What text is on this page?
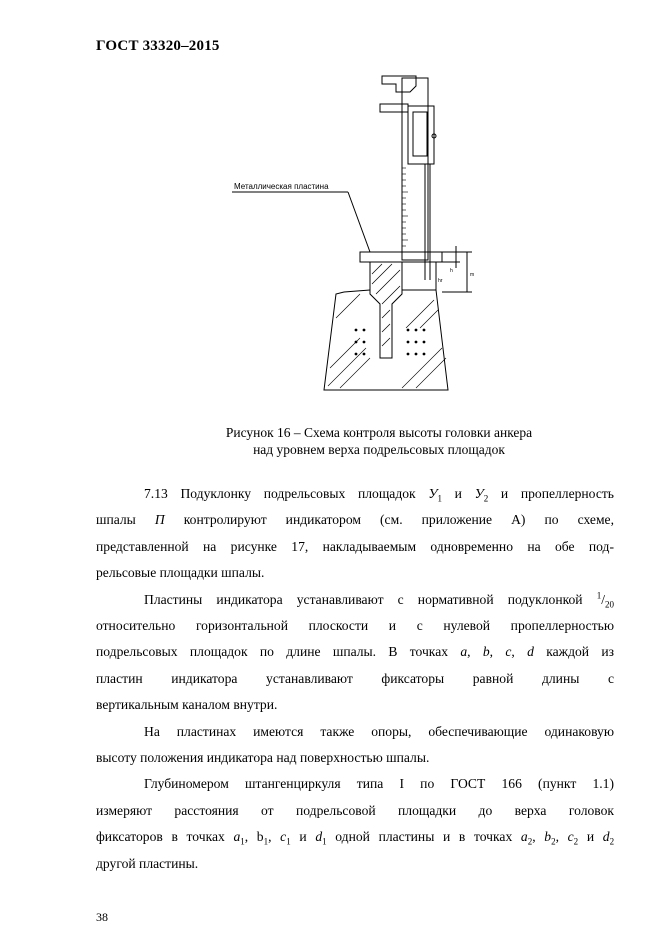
ГОСТ 33320–2015
Металлическая пластина
h
hг
m
Рисунок 16 – Схема контроля высоты головки анкера
над уровнем верха подрельсовых площадок

7.13 Подуклонку подрельсовых площадок $У_1$ и $У_2$ и пропеллерность

шпалы П контролируют индикатором (см. приложение А) по схеме,

представленной на рисунке 17, накладываемым одновременно на обе под-

рельсовые площадки шпалы.

Пластины индикатора устанавливают с нормативной подуклонкой $^1/_{20}$

относительно горизонтальной плоскости и с нулевой пропеллерностью

подрельсовых площадок по длине шпалы. В точках a, b, c, d каждой из

пластин индикатора устанавливают фиксаторы равной длины с

вертикальным каналом внутри.

На пластинах имеются также опоры, обеспечивающие одинаковую

высоту положения индикатора над поверхностью шпалы.

Глубиномером штангенциркуля типа I по ГОСТ 166 (пункт 1.1)

измеряют расстояния от подрельсовой площадки до верха головок

фиксаторов в точках $a_1$, $b_1$, $c_1$ и $d_1$ одной пластины и в точках $a_2$, $b_2$, $c_2$ и $d_2$

другой пластины.

38
